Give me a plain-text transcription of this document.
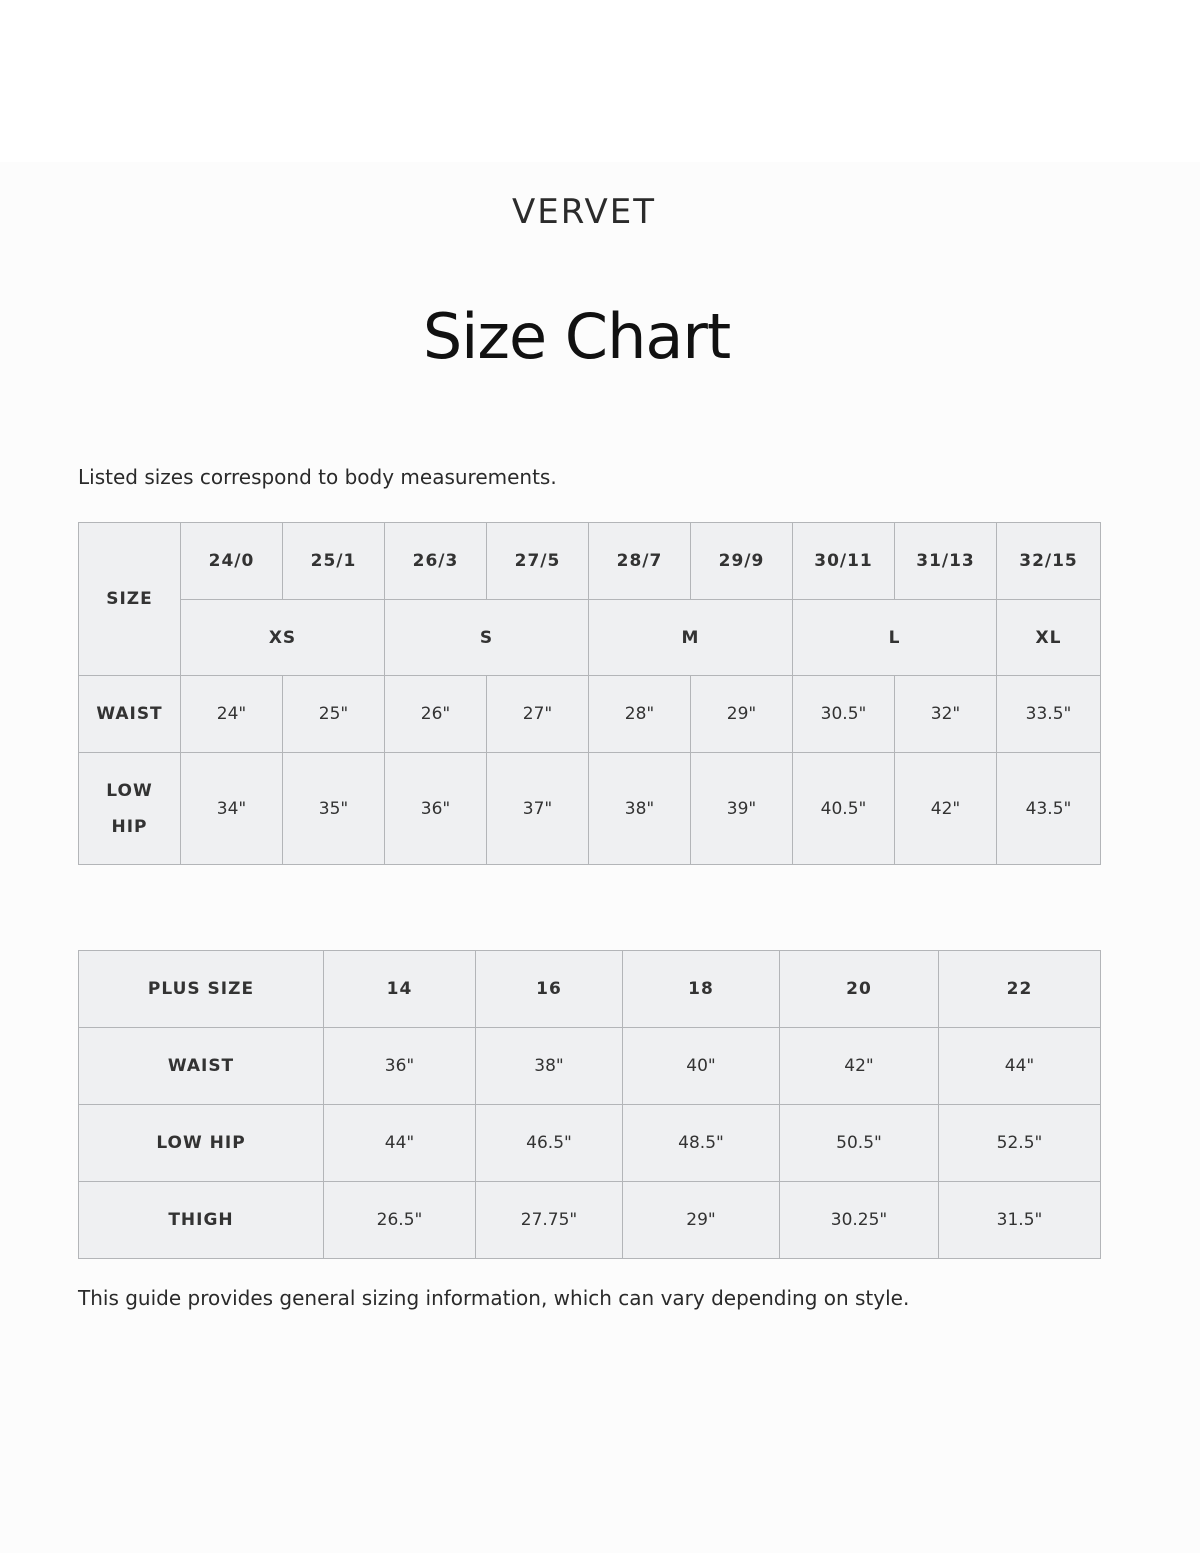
VERVET
Size Chart
Listed sizes correspond to body measurements.
SIZE	24/0	25/1	26/3	27/5	28/7	29/9	30/11	31/13	32/15
	XS		S		M		L		XL
WAIST	24"	25"	26"	27"	28"	29"	30.5"	32"	33.5"
LOW
HIP	34"	35"	36"	37"	38"	39"	40.5"	42"	43.5"
PLUS SIZE	14	16	18	20	22
WAIST	36"	38"	40"	42"	44"
LOW HIP	44"	46.5"	48.5"	50.5"	52.5"
THIGH	26.5"	27.75"	29"	30.25"	31.5"
This guide provides general sizing information, which can vary depending on style.
